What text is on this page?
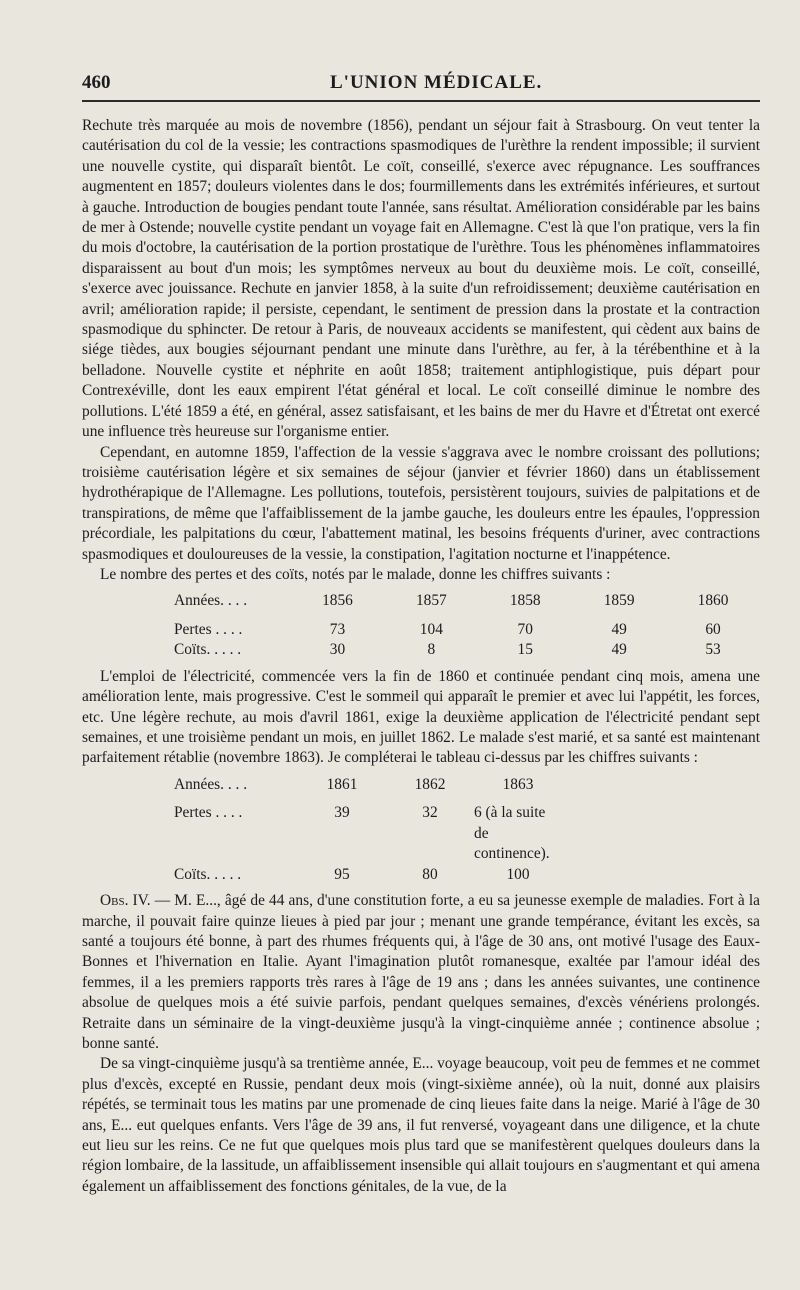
460	L'UNION MÉDICALE.

Rechute très marquée au mois de novembre (1856), pendant un séjour fait à Strasbourg. On veut tenter la cautérisation du col de la vessie; les contractions spasmodiques de l'urèthre la rendent impossible; il survient une nouvelle cystite, qui disparaît bientôt. Le coït, conseillé, s'exerce avec répugnance. Les souffrances augmentent en 1857; douleurs violentes dans le dos; fourmillements dans les extrémités inférieures, et surtout à gauche. Introduction de bougies pendant toute l'année, sans résultat. Amélioration considérable par les bains de mer à Ostende; nouvelle cystite pendant un voyage fait en Allemagne. C'est là que l'on pratique, vers la fin du mois d'octobre, la cautérisation de la portion prostatique de l'urèthre. Tous les phénomènes inflammatoires disparaissent au bout d'un mois; les symptômes nerveux au bout du deuxième mois. Le coït, conseillé, s'exerce avec jouissance. Rechute en janvier 1858, à la suite d'un refroidissement; deuxième cautérisation en avril; amélioration rapide; il persiste, cependant, le sentiment de pression dans la prostate et la contraction spasmodique du sphincter. De retour à Paris, de nouveaux accidents se manifestent, qui cèdent aux bains de siége tièdes, aux bougies séjournant pendant une minute dans l'urèthre, au fer, à la térébenthine et à la belladone. Nouvelle cystite et néphrite en août 1858; traitement antiphlogistique, puis départ pour Contrexéville, dont les eaux empirent l'état général et local. Le coït conseillé diminue le nombre des pollutions. L'été 1859 a été, en général, assez satisfaisant, et les bains de mer du Havre et d'Étretat ont exercé une influence très heureuse sur l'organisme entier.

Cependant, en automne 1859, l'affection de la vessie s'aggrava avec le nombre croissant des pollutions; troisième cautérisation légère et six semaines de séjour (janvier et février 1860) dans un établissement hydrothérapique de l'Allemagne. Les pollutions, toutefois, persistèrent toujours, suivies de palpitations et de transpirations, de même que l'affaiblissement de la jambe gauche, les douleurs entre les épaules, l'oppression précordiale, les palpitations du cœur, l'abattement matinal, les besoins fréquents d'uriner, avec contractions spasmodiques et douloureuses de la vessie, la constipation, l'agitation nocturne et l'inappétence.

Le nombre des pertes et des coïts, notés par le malade, donne les chiffres suivants :

Années. . . .	1856	1857	1858	1859	1860

Pertes . . . .	73	104	70	49	60
Coïts. . . . .	30	8	15	49	53

L'emploi de l'électricité, commencée vers la fin de 1860 et continuée pendant cinq mois, amena une amélioration lente, mais progressive. C'est le sommeil qui apparaît le premier et avec lui l'appétit, les forces, etc. Une légère rechute, au mois d'avril 1861, exige la deuxième application de l'électricité pendant sept semaines, et une troisième pendant un mois, en juillet 1862. Le malade s'est marié, et sa santé est maintenant parfaitement rétablie (novembre 1863). Je compléterai le tableau ci-dessus par les chiffres suivants :

Années. . . .	1861	1862	1863

Pertes . . . .	39	32	6 (à la suite de continence).
Coïts. . . . .	95	80	100

Obs. IV. — M. E..., âgé de 44 ans, d'une constitution forte, a eu sa jeunesse exemple de maladies. Fort à la marche, il pouvait faire quinze lieues à pied par jour ; menant une grande tempérance, évitant les excès, sa santé a toujours été bonne, à part des rhumes fréquents qui, à l'âge de 30 ans, ont motivé l'usage des Eaux-Bonnes et l'hivernation en Italie. Ayant l'imagination plutôt romanesque, exaltée par l'amour idéal des femmes, il a les premiers rapports très rares à l'âge de 19 ans ; dans les années suivantes, une continence absolue de quelques mois a été suivie parfois, pendant quelques semaines, d'excès vénériens prolongés. Retraite dans un séminaire de la vingt-deuxième jusqu'à la vingt-cinquième année ; continence absolue ; bonne santé.

De sa vingt-cinquième jusqu'à sa trentième année, E... voyage beaucoup, voit peu de femmes et ne commet plus d'excès, excepté en Russie, pendant deux mois (vingt-sixième année), où la nuit, donné aux plaisirs répétés, se terminait tous les matins par une promenade de cinq lieues faite dans la neige. Marié à l'âge de 30 ans, E... eut quelques enfants. Vers l'âge de 39 ans, il fut renversé, voyageant dans une diligence, et la chute eut lieu sur les reins. Ce ne fut que quelques mois plus tard que se manifestèrent quelques douleurs dans la région lombaire, de la lassitude, un affaiblissement insensible qui allait toujours en s'augmentant et qui amena également un affaiblissement des fonctions génitales, de la vue, de la
